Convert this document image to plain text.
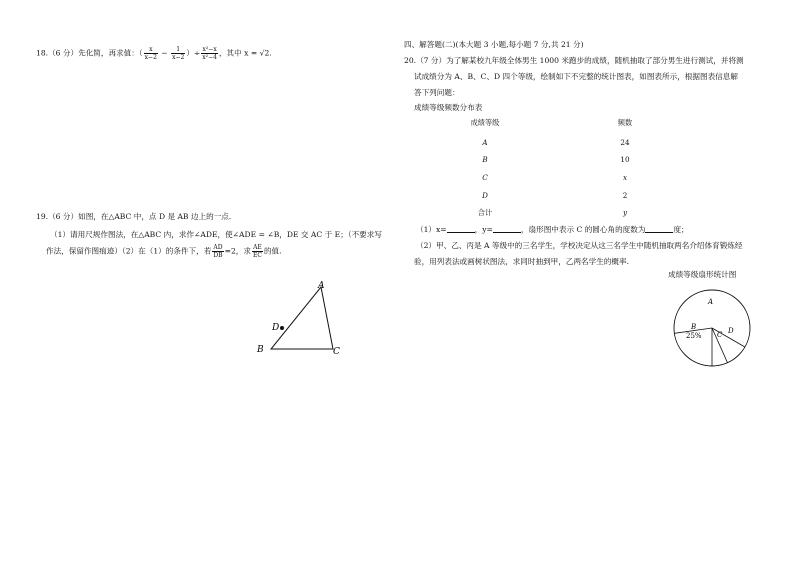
18.（6 分）先化简，再求值：（ $\frac{x}{x-2} - \frac{1}{x-2}$ ）÷ $\frac{\text{x²−x}}{\text{x²−4}}$ ，其中 x = √2.
19.（6 分）如图，在△ABC 中，点 D 是 AB 边上的一点.
（1）请用尺规作图法，在△ABC 内，求作∠ADE，使∠ADE = ∠B，DE 交 AC 于 E；（不要求写
作法，保留作图痕迹）（2）在（1）的条件下，若 $\frac{AD}{DB} =2$，求 $\frac{AE}{EC}$ 的值.
A
B	C
D
四、解答题(二)(本大题 3 小题,每小题 7 分,共 21 分)
20.（7 分）为了解某校九年级全体男生 1000 米跑步的成绩，随机抽取了部分男生进行测试，并将测
试成绩分为 A、B、C、D 四个等级，绘制如下不完整的统计图表，如图表所示，根据图表信息解
答下列问题：
成绩等级频数分布表
成绩等级	频数
A	24
B	10
C	x
D	2
合计	y
（1）x=	，y=	，扇形图中表示 C 的圆心角的度数为	度；
（2）甲、乙、丙是 A 等级中的三名学生，学校决定从这三名学生中随机抽取两名介绍体育锻炼经
验，用列表法或画树状图法，求同时抽到甲，乙两名学生的概率.
成绩等级扇形统计图
A
B
C D
25%
